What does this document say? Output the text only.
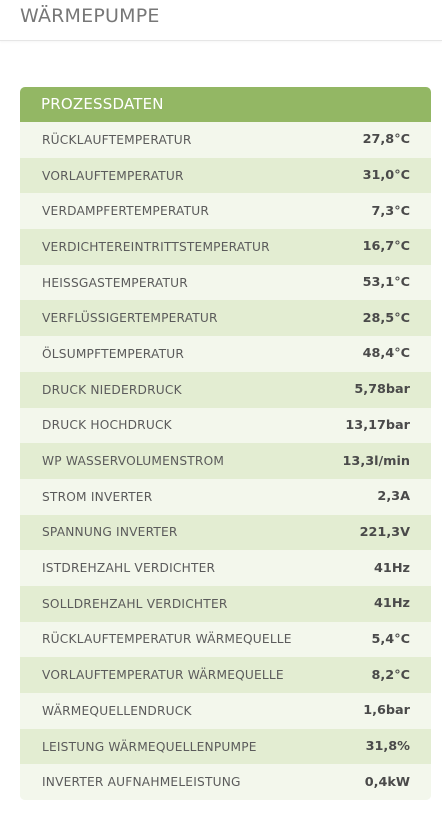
WÄRMEPUMPE
PROZESSDATEN
RÜCKLAUFTEMPERATUR	27,8°C
VORLAUFTEMPERATUR	31,0°C
VERDAMPFERTEMPERATUR	7,3°C
VERDICHTEREINTRITTSTEMPERATUR	16,7°C
HEISSGASTEMPERATUR	53,1°C
VERFLÜSSIGERTEMPERATUR	28,5°C
ÖLSUMPFTEMPERATUR	48,4°C
DRUCK NIEDERDRUCK	5,78bar
DRUCK HOCHDRUCK	13,17bar
WP WASSERVOLUMENSTROM	13,3l/min
STROM INVERTER	2,3A
SPANNUNG INVERTER	221,3V
ISTDREHZAHL VERDICHTER	41Hz
SOLLDREHZAHL VERDICHTER	41Hz
RÜCKLAUFTEMPERATUR WÄRMEQUELLE	5,4°C
VORLAUFTEMPERATUR WÄRMEQUELLE	8,2°C
WÄRMEQUELLENDRUCK	1,6bar
LEISTUNG WÄRMEQUELLENPUMPE	31,8%
INVERTER AUFNAHMELEISTUNG	0,4kW
